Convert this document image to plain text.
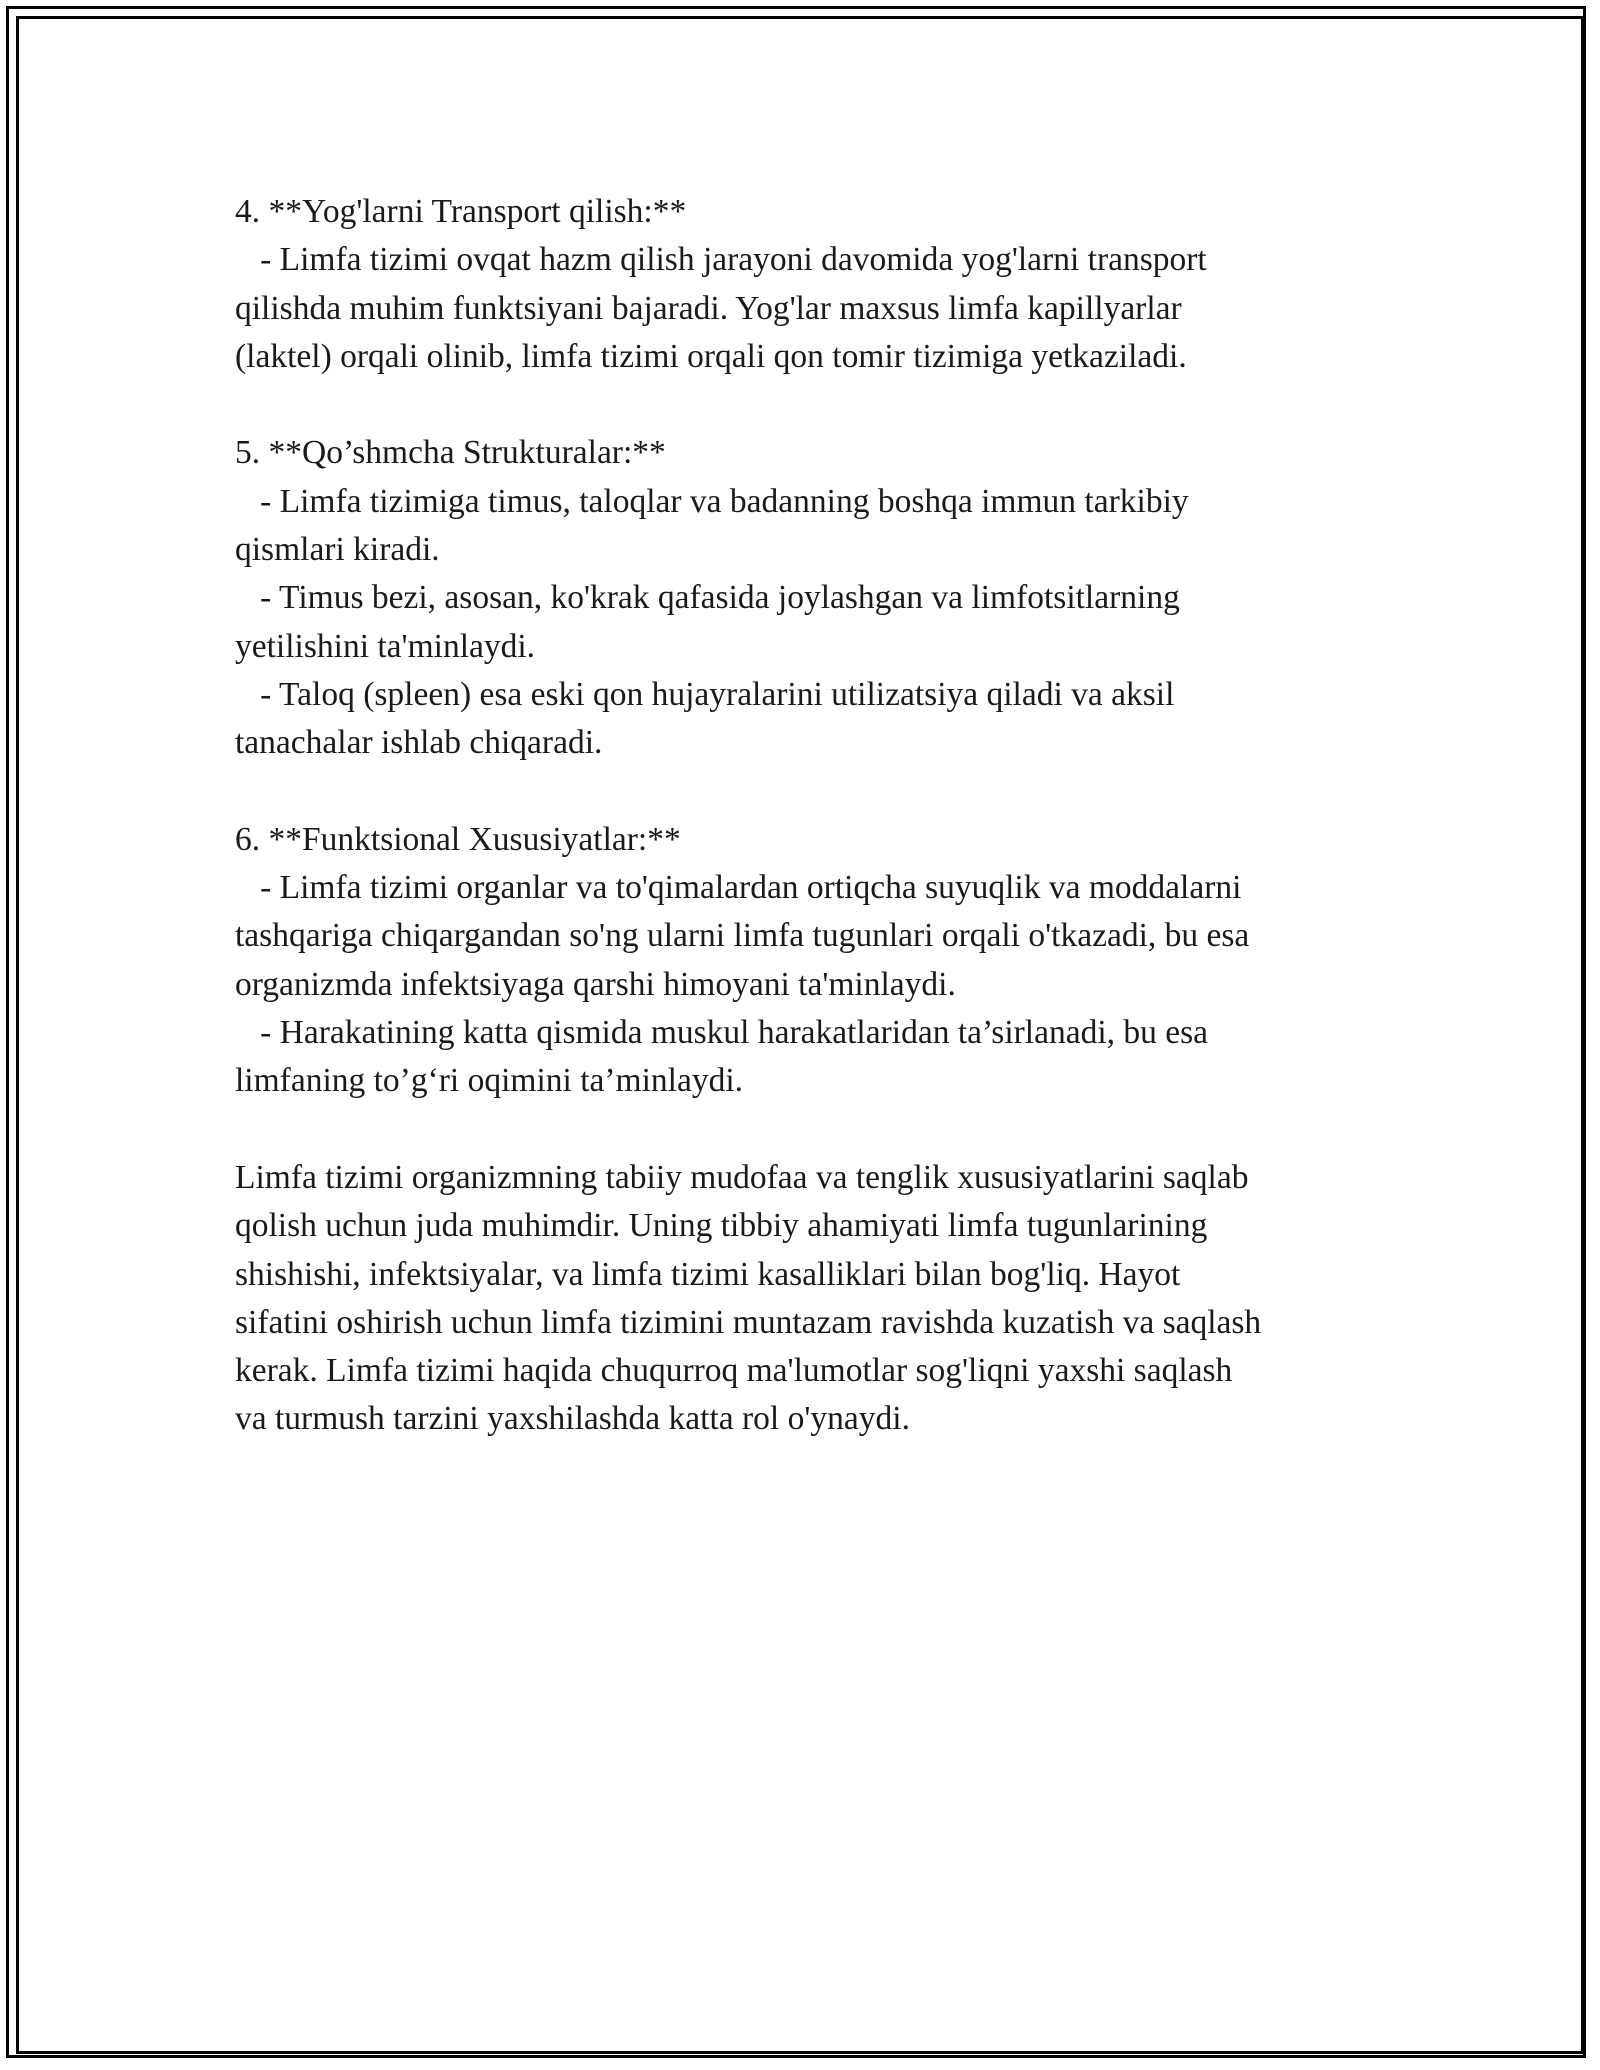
4. **Yog'larni Transport qilish:**
- Limfa tizimi ovqat hazm qilish jarayoni davomida yog'larni transport
qilishda muhim funktsiyani bajaradi. Yog'lar maxsus limfa kapillyarlar
(laktel) orqali olinib, limfa tizimi orqali qon tomir tizimiga yetkaziladi.
5. **Qo’shmcha Strukturalar:**
- Limfa tizimiga timus, taloqlar va badanning boshqa immun tarkibiy
qismlari kiradi.
- Timus bezi, asosan, ko'krak qafasida joylashgan va limfotsitlarning
yetilishini ta'minlaydi.
- Taloq (spleen) esa eski qon hujayralarini utilizatsiya qiladi va aksil
tanachalar ishlab chiqaradi.
6. **Funktsional Xususiyatlar:**
- Limfa tizimi organlar va to'qimalardan ortiqcha suyuqlik va moddalarni
tashqariga chiqargandan so'ng ularni limfa tugunlari orqali o'tkazadi, bu esa
organizmda infektsiyaga qarshi himoyani ta'minlaydi.
- Harakatining katta qismida muskul harakatlaridan ta’sirlanadi, bu esa
limfaning to’g‘ri oqimini ta’minlaydi.
Limfa tizimi organizmning tabiiy mudofaa va tenglik xususiyatlarini saqlab
qolish uchun juda muhimdir. Uning tibbiy ahamiyati limfa tugunlarining
shishishi, infektsiyalar, va limfa tizimi kasalliklari bilan bog'liq. Hayot
sifatini oshirish uchun limfa tizimini muntazam ravishda kuzatish va saqlash
kerak. Limfa tizimi haqida chuqurroq ma'lumotlar sog'liqni yaxshi saqlash
va turmush tarzini yaxshilashda katta rol o'ynaydi.
